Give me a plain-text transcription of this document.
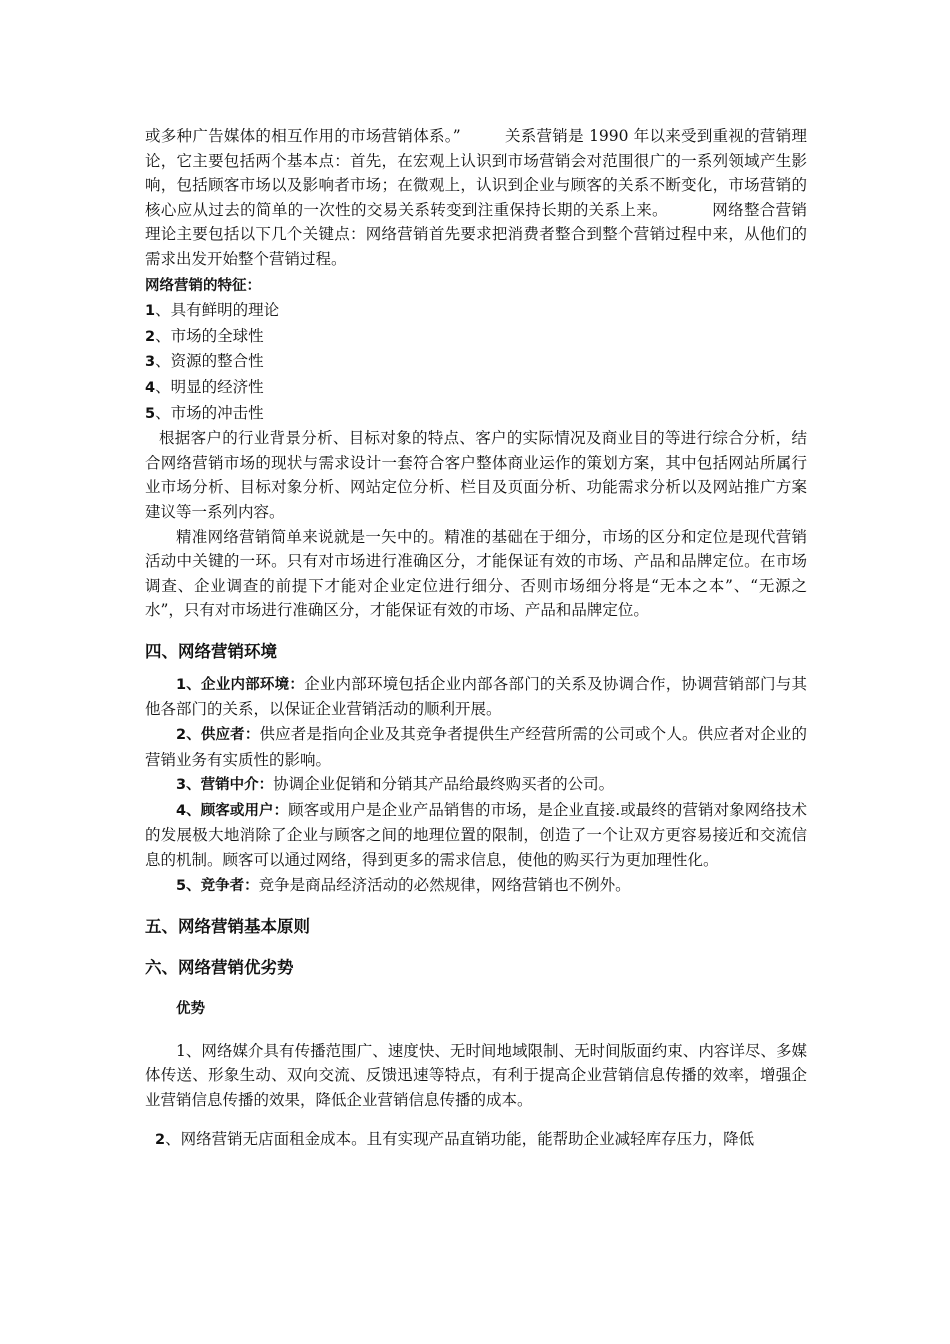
或多种广告媒体的相互作用的市场营销体系。”	关系营销是 1990 年以来受到重视的营销理论，它主要包括两个基本点：首先，在宏观上认识到市场营销会对范围很广的一系列领域产生影响，包括顾客市场以及影响者市场；在微观上，认识到企业与顾客的关系不断变化，市场营销的核心应从过去的简单的一次性的交易关系转变到注重保持长期的关系上来。	网络整合营销理论主要包括以下几个关键点：网络营销首先要求把消费者整合到整个营销过程中来，从他们的需求出发开始整个营销过程。

网络营销的特征：

1、具有鲜明的理论

2、市场的全球性

3、资源的整合性

4、明显的经济性

5、市场的冲击性

根据客户的行业背景分析、目标对象的特点、客户的实际情况及商业目的等进行综合分析，结合网络营销市场的现状与需求设计一套符合客户整体商业运作的策划方案，其中包括网站所属行业市场分析、目标对象分析、网站定位分析、栏目及页面分析、功能需求分析以及网站推广方案建议等一系列内容。

精准网络营销简单来说就是一矢中的。精准的基础在于细分，市场的区分和定位是现代营销活动中关键的一环。只有对市场进行准确区分，才能保证有效的市场、产品和品牌定位。在市场调查、企业调查的前提下才能对企业定位进行细分、否则市场细分将是“无本之本”、“无源之水”，只有对市场进行准确区分，才能保证有效的市场、产品和品牌定位。

四、网络营销环境

1、企业内部环境：企业内部环境包括企业内部各部门的关系及协调合作，协调营销部门与其他各部门的关系，以保证企业营销活动的顺利开展。

2、供应者：供应者是指向企业及其竞争者提供生产经营所需的公司或个人。供应者对企业的营销业务有实质性的影响。

3、营销中介：协调企业促销和分销其产品给最终购买者的公司。

4、顾客或用户：顾客或用户是企业产品销售的市场，是企业直接.或最终的营销对象网络技术的发展极大地消除了企业与顾客之间的地理位置的限制，创造了一个让双方更容易接近和交流信息的机制。顾客可以通过网络，得到更多的需求信息，使他的购买行为更加理性化。

5、竞争者：竞争是商品经济活动的必然规律，网络营销也不例外。

五、网络营销基本原则

六、网络营销优劣势

优势

1、网络媒介具有传播范围广、速度快、无时间地域限制、无时间版面约束、内容详尽、多媒体传送、形象生动、双向交流、反馈迅速等特点，有利于提高企业营销信息传播的效率，增强企业营销信息传播的效果，降低企业营销信息传播的成本。

2、网络营销无店面租金成本。且有实现产品直销功能，能帮助企业减轻库存压力，降低
